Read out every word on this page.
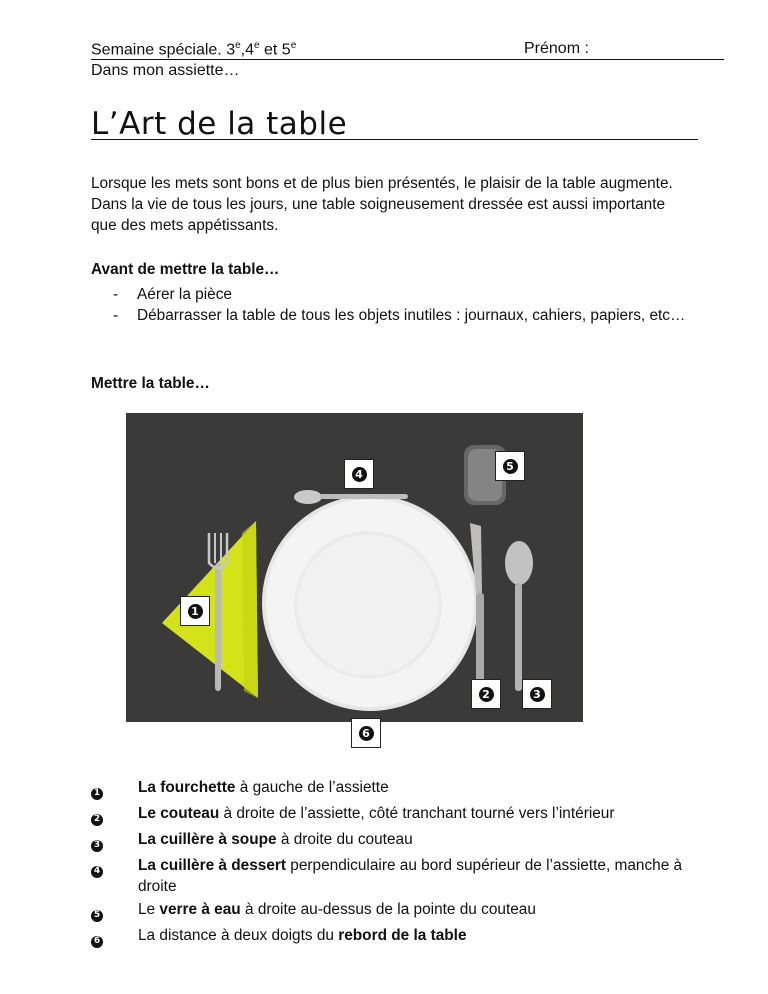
Semaine spéciale. 3e,4e et 5e	Prénom :
Dans mon assiette…
L’Art de la table
Lorsque les mets sont bons et de plus bien présentés, le plaisir de la table augmente. Dans la vie de tous les jours, une table soigneusement dressée est aussi importante que des mets appétissants.
Avant de mettre la table…
-	Aérer la pièce
-	Débarrasser la table de tous les objets inutiles : journaux, cahiers, papiers, etc…
Mettre la table…
1
2	3
4
5
6
1	La fourchette à gauche de l’assiette
2	Le couteau à droite de l’assiette, côté tranchant tourné vers l’intérieur
3	La cuillère à soupe à droite du couteau
4	La cuillère à dessert perpendiculaire au bord supérieur de l’assiette, manche à droite
5	Le verre à eau à droite au-dessus de la pointe du couteau
6	La distance à deux doigts du rebord de la table
